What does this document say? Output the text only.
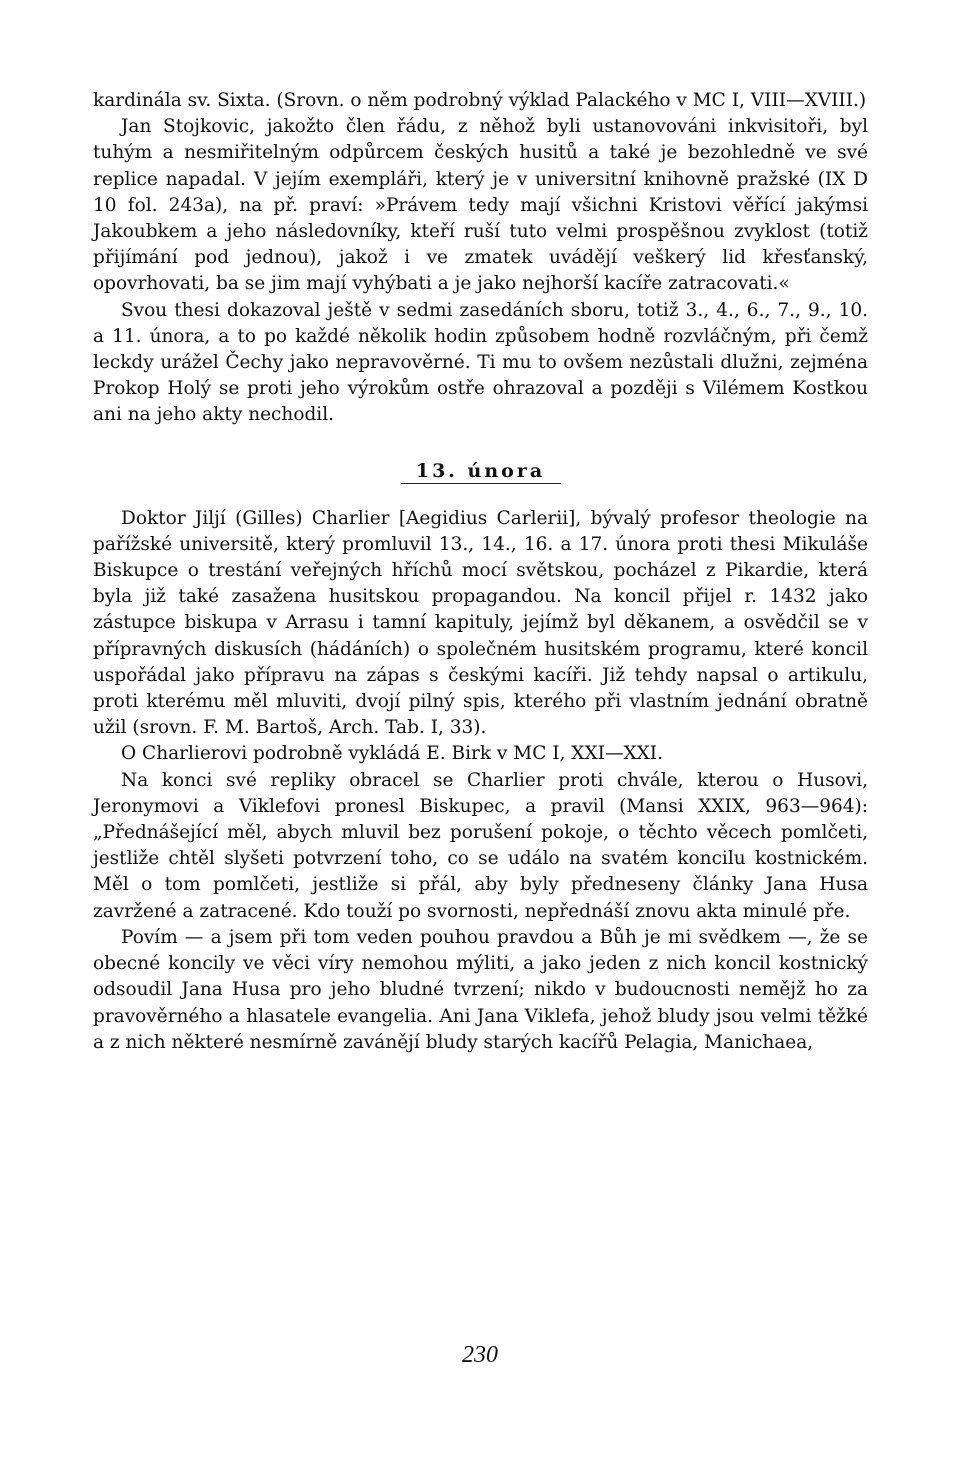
kardinála sv. Sixta. (Srovn. o něm podrobný výklad Palackého v MC I, VIII—XVIII.)

Jan Stojkovic, jakožto člen řádu, z něhož byli ustanovováni inkvisitoři, byl tuhým a nesmiřitelným odpůrcem českých husitů a také je bezohledně ve své replice napadal. V jejím exempláři, který je v universitní knihovně pražské (IX D 10 fol. 243a), na př. praví: »Právem tedy mají všichni Kristovi věřící jakýmsi Jakoubkem a jeho následovníky, kteří ruší tuto velmi prospěšnou zvyklost (totiž přijímání pod jednou), jakož i ve zmatek uvádějí veškerý lid křesťanský, opovrhovati, ba se jim mají vyhýbati a je jako nejhorší kacíře zatracovati.«

Svou thesi dokazoval ještě v sedmi zasedáních sboru, totiž 3., 4., 6., 7., 9., 10. a 11. února, a to po každé několik hodin způsobem hodně rozvláčným, při čemž leckdy urážel Čechy jako nepravověrné. Ti mu to ovšem nezůstali dlužni, zejména Prokop Holý se proti jeho výrokům ostře ohrazoval a později s Vilémem Kostkou ani na jeho akty nechodil.

13. února

Doktor Jiljí (Gilles) Charlier [Aegidius Carlerii], bývalý profesor theologie na pařížské universitě, který promluvil 13., 14., 16. a 17. února proti thesi Mikuláše Biskupce o trestání veřejných hříchů mocí světskou, pocházel z Pikardie, která byla již také zasažena husitskou propagandou. Na koncil přijel r. 1432 jako zástupce biskupa v Arrasu i tamní kapituly, jejímž byl děkanem, a osvědčil se v přípravných diskusích (hádáních) o společném husitském programu, které koncil uspořádal jako přípravu na zápas s českými kacíři. Již tehdy napsal o artikulu, proti kterému měl mluviti, dvojí pilný spis, kterého při vlastním jednání obratně užil (srovn. F. M. Bartoš, Arch. Tab. I, 33).

O Charlierovi podrobně vykládá E. Birk v MC I, XXI—XXI.

Na konci své repliky obracel se Charlier proti chvále, kterou o Husovi, Jeronymovi a Viklefovi pronesl Biskupec, a pravil (Mansi XXIX, 963—964): „Přednášející měl, abych mluvil bez porušení pokoje, o těchto věcech pomlčeti, jestliže chtěl slyšeti potvrzení toho, co se událo na svatém koncilu kostnickém. Měl o tom pomlčeti, jestliže si přál, aby byly předneseny články Jana Husa zavržené a zatracené. Kdo touží po svornosti, nepřednáší znovu akta minulé pře.

Povím — a jsem při tom veden pouhou pravdou a Bůh je mi svědkem —, že se obecné koncily ve věci víry nemohou mýliti, a jako jeden z nich koncil kostnický odsoudil Jana Husa pro jeho bludné tvrzení; nikdo v budoucnosti nemějž ho za pravověrného a hlasatele evangelia. Ani Jana Viklefa, jehož bludy jsou velmi těžké a z nich některé nesmírně zavánějí bludy starých kacířů Pelagia, Manichaea,

230
